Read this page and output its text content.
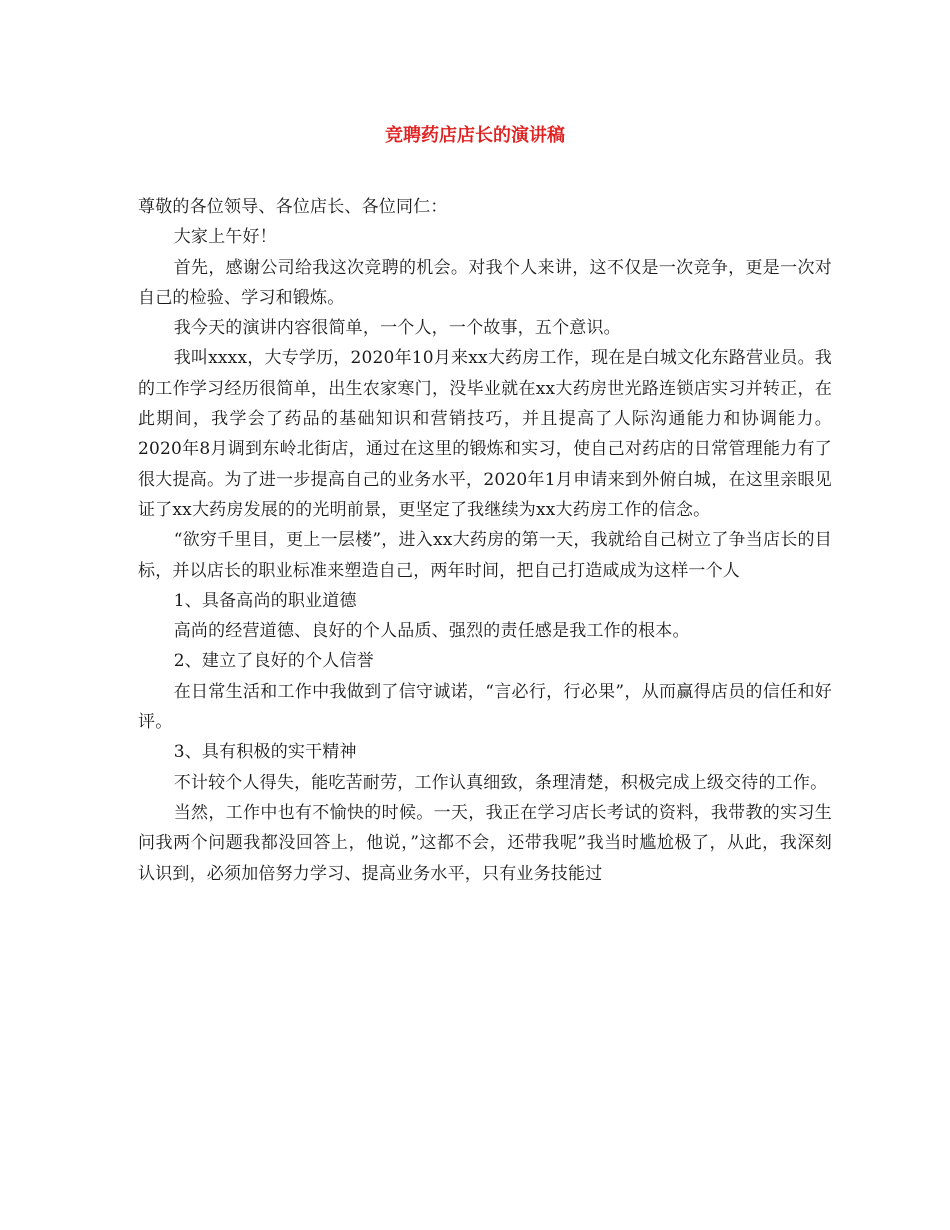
竞聘药店店长的演讲稿

尊敬的各位领导、各位店长、各位同仁：

大家上午好！

首先，感谢公司给我这次竞聘的机会。对我个人来讲，这不仅是一次竞争，更是一次对自己的检验、学习和锻炼。

我今天的演讲内容很简单，一个人，一个故事，五个意识。

我叫xxxx，大专学历，2020年10月来xx大药房工作，现在是白城文化东路营业员。我的工作学习经历很简单，出生农家寒门，没毕业就在xx大药房世光路连锁店实习并转正，在此期间，我学会了药品的基础知识和营销技巧，并且提高了人际沟通能力和协调能力。2020年8月调到东岭北街店，通过在这里的锻炼和实习，使自己对药店的日常管理能力有了很大提高。为了进一步提高自己的业务水平，2020年1月申请来到外俯白城，在这里亲眼见证了xx大药房发展的的光明前景，更坚定了我继续为xx大药房工作的信念。

“欲穷千里目，更上一层楼”，进入xx大药房的第一天，我就给自己树立了争当店长的目标，并以店长的职业标准来塑造自己，两年时间，把自己打造咸成为这样一个人

1、具备高尚的职业道德

高尚的经营道德、良好的个人品质、强烈的责任感是我工作的根本。

2、建立了良好的个人信誉

在日常生活和工作中我做到了信守诚诺，“言必行，行必果”，从而赢得店员的信任和好评。

3、具有积极的实干精神

不计较个人得失，能吃苦耐劳，工作认真细致，条理清楚，积极完成上级交待的工作。

当然，工作中也有不愉快的时候。一天，我正在学习店长考试的资料，我带教的实习生问我两个问题我都没回答上，他说，”这都不会，还带我呢”我当时尴尬极了，从此，我深刻认识到，必须加倍努力学习、提高业务水平，只有业务技能过
